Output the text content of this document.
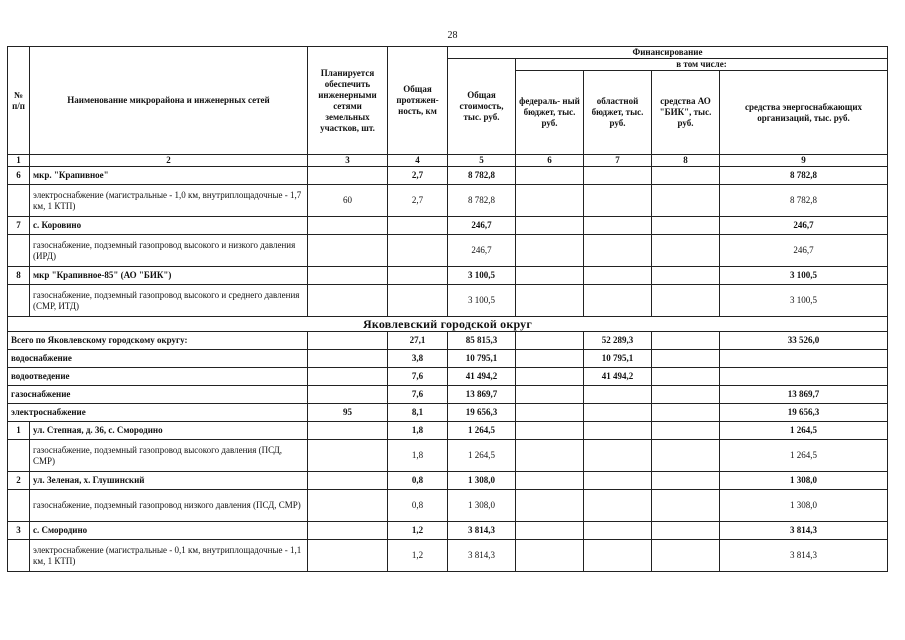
28
№ п/п	Наименование микрорайона и инженерных сетей	Планируется обеспечить инженерными сетями земельных участков, шт.	Общая протяжен- ность, км	Финансирование				
				Общая стоимость, тыс. руб.	в том числе:			
					федераль- ный бюджет, тыс. руб.	областной бюджет, тыс. руб.	средства АО "БИК", тыс. руб.	средства энергоснабжающих организаций, тыс. руб.
1	2	3	4	5	6	7	8	9
6	мкр. "Крапивное"		2,7	8 782,8				8 782,8
	электроснабжение (магистральные - 1,0 км, внутриплощадочные - 1,7 км, 1 КТП)	60	2,7	8 782,8				8 782,8
7	с. Коровино			246,7				246,7
	газоснабжение, подземный газопровод высокого и низкого давления (ИРД)			246,7				246,7
8	мкр "Крапивное-85" (АО "БИК")			3 100,5				3 100,5
	газоснабжение, подземный газопровод высокого и среднего давления (СМР, ИТД)			3 100,5				3 100,5
Яковлевский городской округ								
Всего по Яковлевскому городскому округу:			27,1	85 815,3		52 289,3		33 526,0
водоснабжение			3,8	10 795,1		10 795,1		
водоотведение			7,6	41 494,2		41 494,2		
газоснабжение			7,6	13 869,7				13 869,7
электроснабжение		95	8,1	19 656,3				19 656,3
1	ул. Степная, д. 36, с. Смородино		1,8	1 264,5				1 264,5
	газоснабжение, подземный газопровод высокого давления (ПСД, СМР)		1,8	1 264,5				1 264,5
2	ул. Зеленая, х. Глушинский		0,8	1 308,0				1 308,0
	газоснабжение, подземный газопровод низкого давления (ПСД, СМР)		0,8	1 308,0				1 308,0
3	с. Смородино		1,2	3 814,3				3 814,3
	электроснабжение (магистральные - 0,1 км, внутриплощадочные - 1,1 км, 1 КТП)		1,2	3 814,3				3 814,3
